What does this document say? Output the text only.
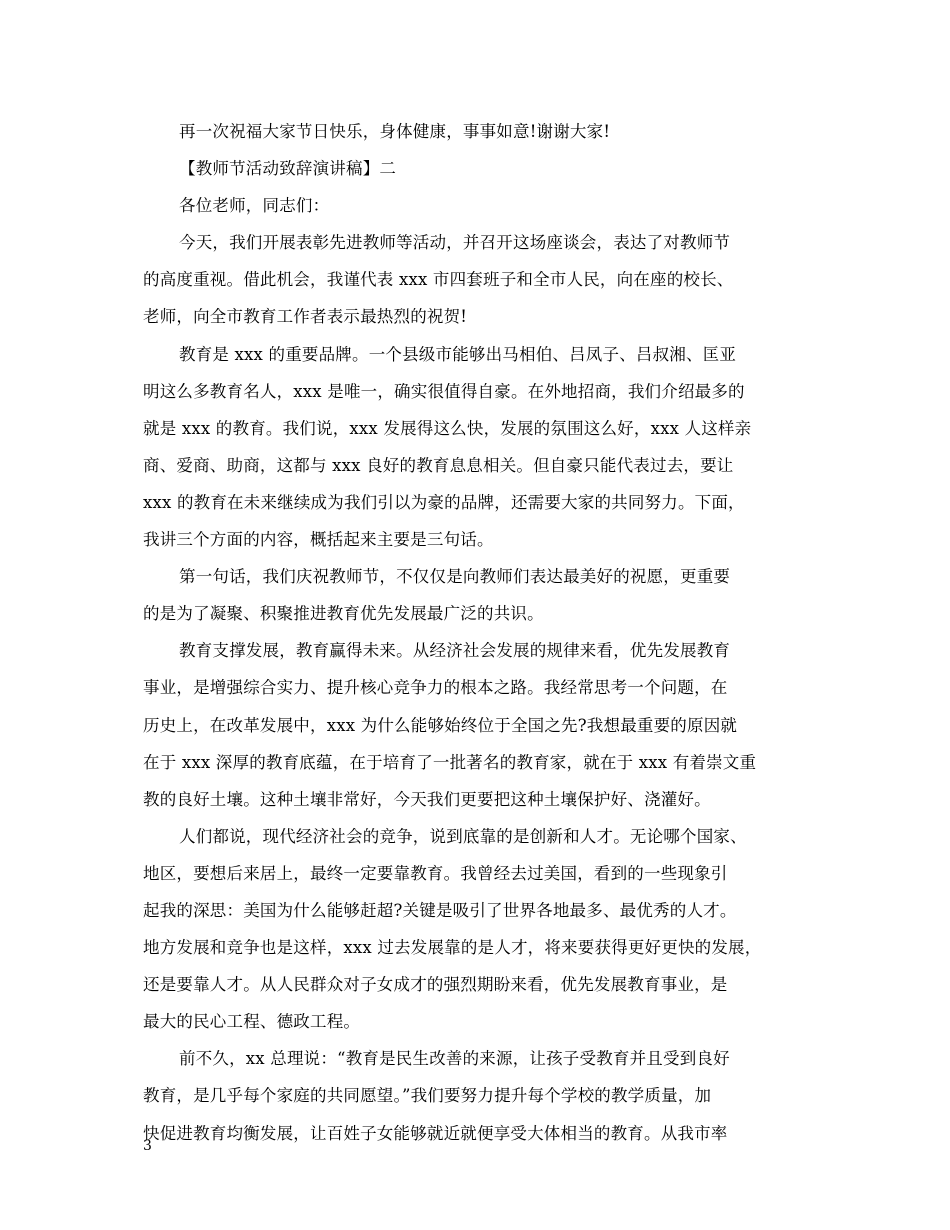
再一次祝福大家节日快乐，身体健康，事事如意!谢谢大家!
【教师节活动致辞演讲稿】二
各位老师，同志们：
今天，我们开展表彰先进教师等活动，并召开这场座谈会，表达了对教师节
的高度重视。借此机会，我谨代表 xxx 市四套班子和全市人民，向在座的校长、
老师，向全市教育工作者表示最热烈的祝贺!
教育是 xxx 的重要品牌。一个县级市能够出马相伯、吕凤子、吕叔湘、匡亚
明这么多教育名人，xxx 是唯一，确实很值得自豪。在外地招商，我们介绍最多的
就是 xxx 的教育。我们说，xxx 发展得这么快，发展的氛围这么好，xxx 人这样亲
商、爱商、助商，这都与 xxx 良好的教育息息相关。但自豪只能代表过去，要让
xxx 的教育在未来继续成为我们引以为豪的品牌，还需要大家的共同努力。下面，
我讲三个方面的内容，概括起来主要是三句话。
第一句话，我们庆祝教师节，不仅仅是向教师们表达最美好的祝愿，更重要
的是为了凝聚、积聚推进教育优先发展最广泛的共识。
教育支撑发展，教育赢得未来。从经济社会发展的规律来看，优先发展教育
事业，是增强综合实力、提升核心竞争力的根本之路。我经常思考一个问题，在
历史上，在改革发展中，xxx 为什么能够始终位于全国之先?我想最重要的原因就
在于 xxx 深厚的教育底蕴，在于培育了一批著名的教育家，就在于 xxx 有着崇文重
教的良好土壤。这种土壤非常好，今天我们更要把这种土壤保护好、浇灌好。
人们都说，现代经济社会的竞争，说到底靠的是创新和人才。无论哪个国家、
地区，要想后来居上，最终一定要靠教育。我曾经去过美国，看到的一些现象引
起我的深思：美国为什么能够赶超?关键是吸引了世界各地最多、最优秀的人才。
地方发展和竞争也是这样，xxx 过去发展靠的是人才，将来要获得更好更快的发展，
还是要靠人才。从人民群众对子女成才的强烈期盼来看，优先发展教育事业，是
最大的民心工程、德政工程。
前不久，xx 总理说：“教育是民生改善的来源，让孩子受教育并且受到良好
教育，是几乎每个家庭的共同愿望。”我们要努力提升每个学校的教学质量，加
快促进教育均衡发展，让百姓子女能够就近就便享受大体相当的教育。从我市率
3
